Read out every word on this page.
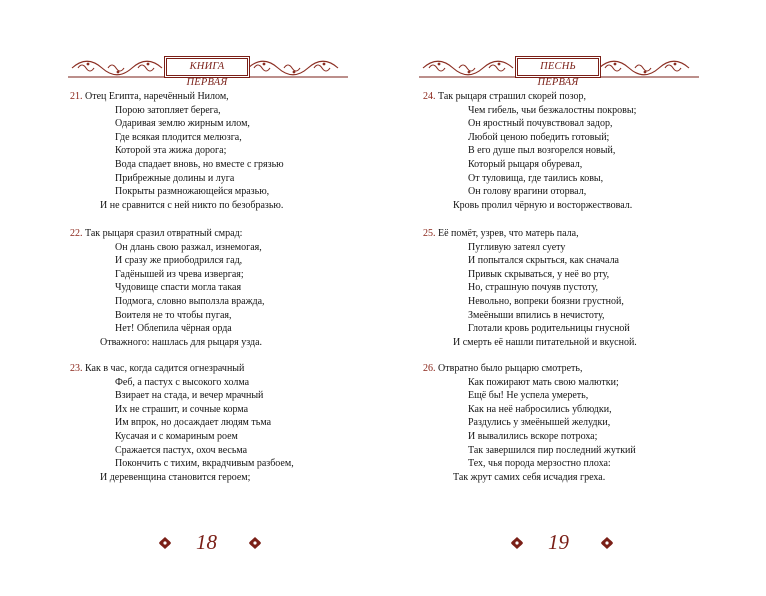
КНИГА ПЕРВАЯ
21. Отец Египта, наречённый Нилом,
Порою затопляет берега,
Одаривая землю жирным илом,
Где всякая плодится мелюзга,
Которой эта жижа дорога;
Вода спадает вновь, но вместе с грязью
Прибрежные долины и луга
Покрыты размножающейся мразью,
И не сравнится с ней никто по безобразью.
22. Так рыцаря сразил отвратный смрад:
Он длань свою разжал, изнемогая,
И сразу же приободрился гад,
Гадёнышей из чрева извергая;
Чудовище спасти могла такая
Подмога, словно выползла вражда,
Воителя не то чтобы пугая,
Нет! Облепила чёрная орда
Отважного: нашлась для рыцаря узда.
23. Как в час, когда садится огнезрачный
Феб, а пастух с высокого холма
Взирает на стада, и вечер мрачный
Их не страшит, и сочные корма
Им впрок, но досаждает людям тьма
Кусачая и с комариным роем
Сражается пастух, охоч весьма
Покончить с тихим, вкрадчивым разбоем,
И деревенщина становится героем;
18
ПЕСНЬ ПЕРВАЯ
24. Так рыцаря страшил скорей позор,
Чем гибель, чьи безжалостны покровы;
Он яростный почувствовал задор,
Любой ценою победить готовый;
В его душе пыл возгорелся новый,
Который рыцаря обуревал,
От туловища, где таились ковы,
Он голову врагини оторвал,
Кровь пролил чёрную и восторжествовал.
25. Её помёт, узрев, что матерь пала,
Пугливую затеял суету
И попытался скрыться, как сначала
Привык скрываться, у неё во рту,
Но, страшную почуяв пустоту,
Невольно, вопреки боязни грустной,
Змеёныши впились в нечистоту,
Глотали кровь родительницы гнусной
И смерть её нашли питательной и вкусной.
26. Отвратно было рыцарю смотреть,
Как пожирают мать свою малютки;
Ещё бы! Не успела умереть,
Как на неё набросились ублюдки,
Раздулись у змеёнышей желудки,
И вывалились вскоре потроха;
Так завершился пир последний жуткий
Тех, чья порода мерзостно плоха:
Так жрут самих себя исчадия греха.
19
